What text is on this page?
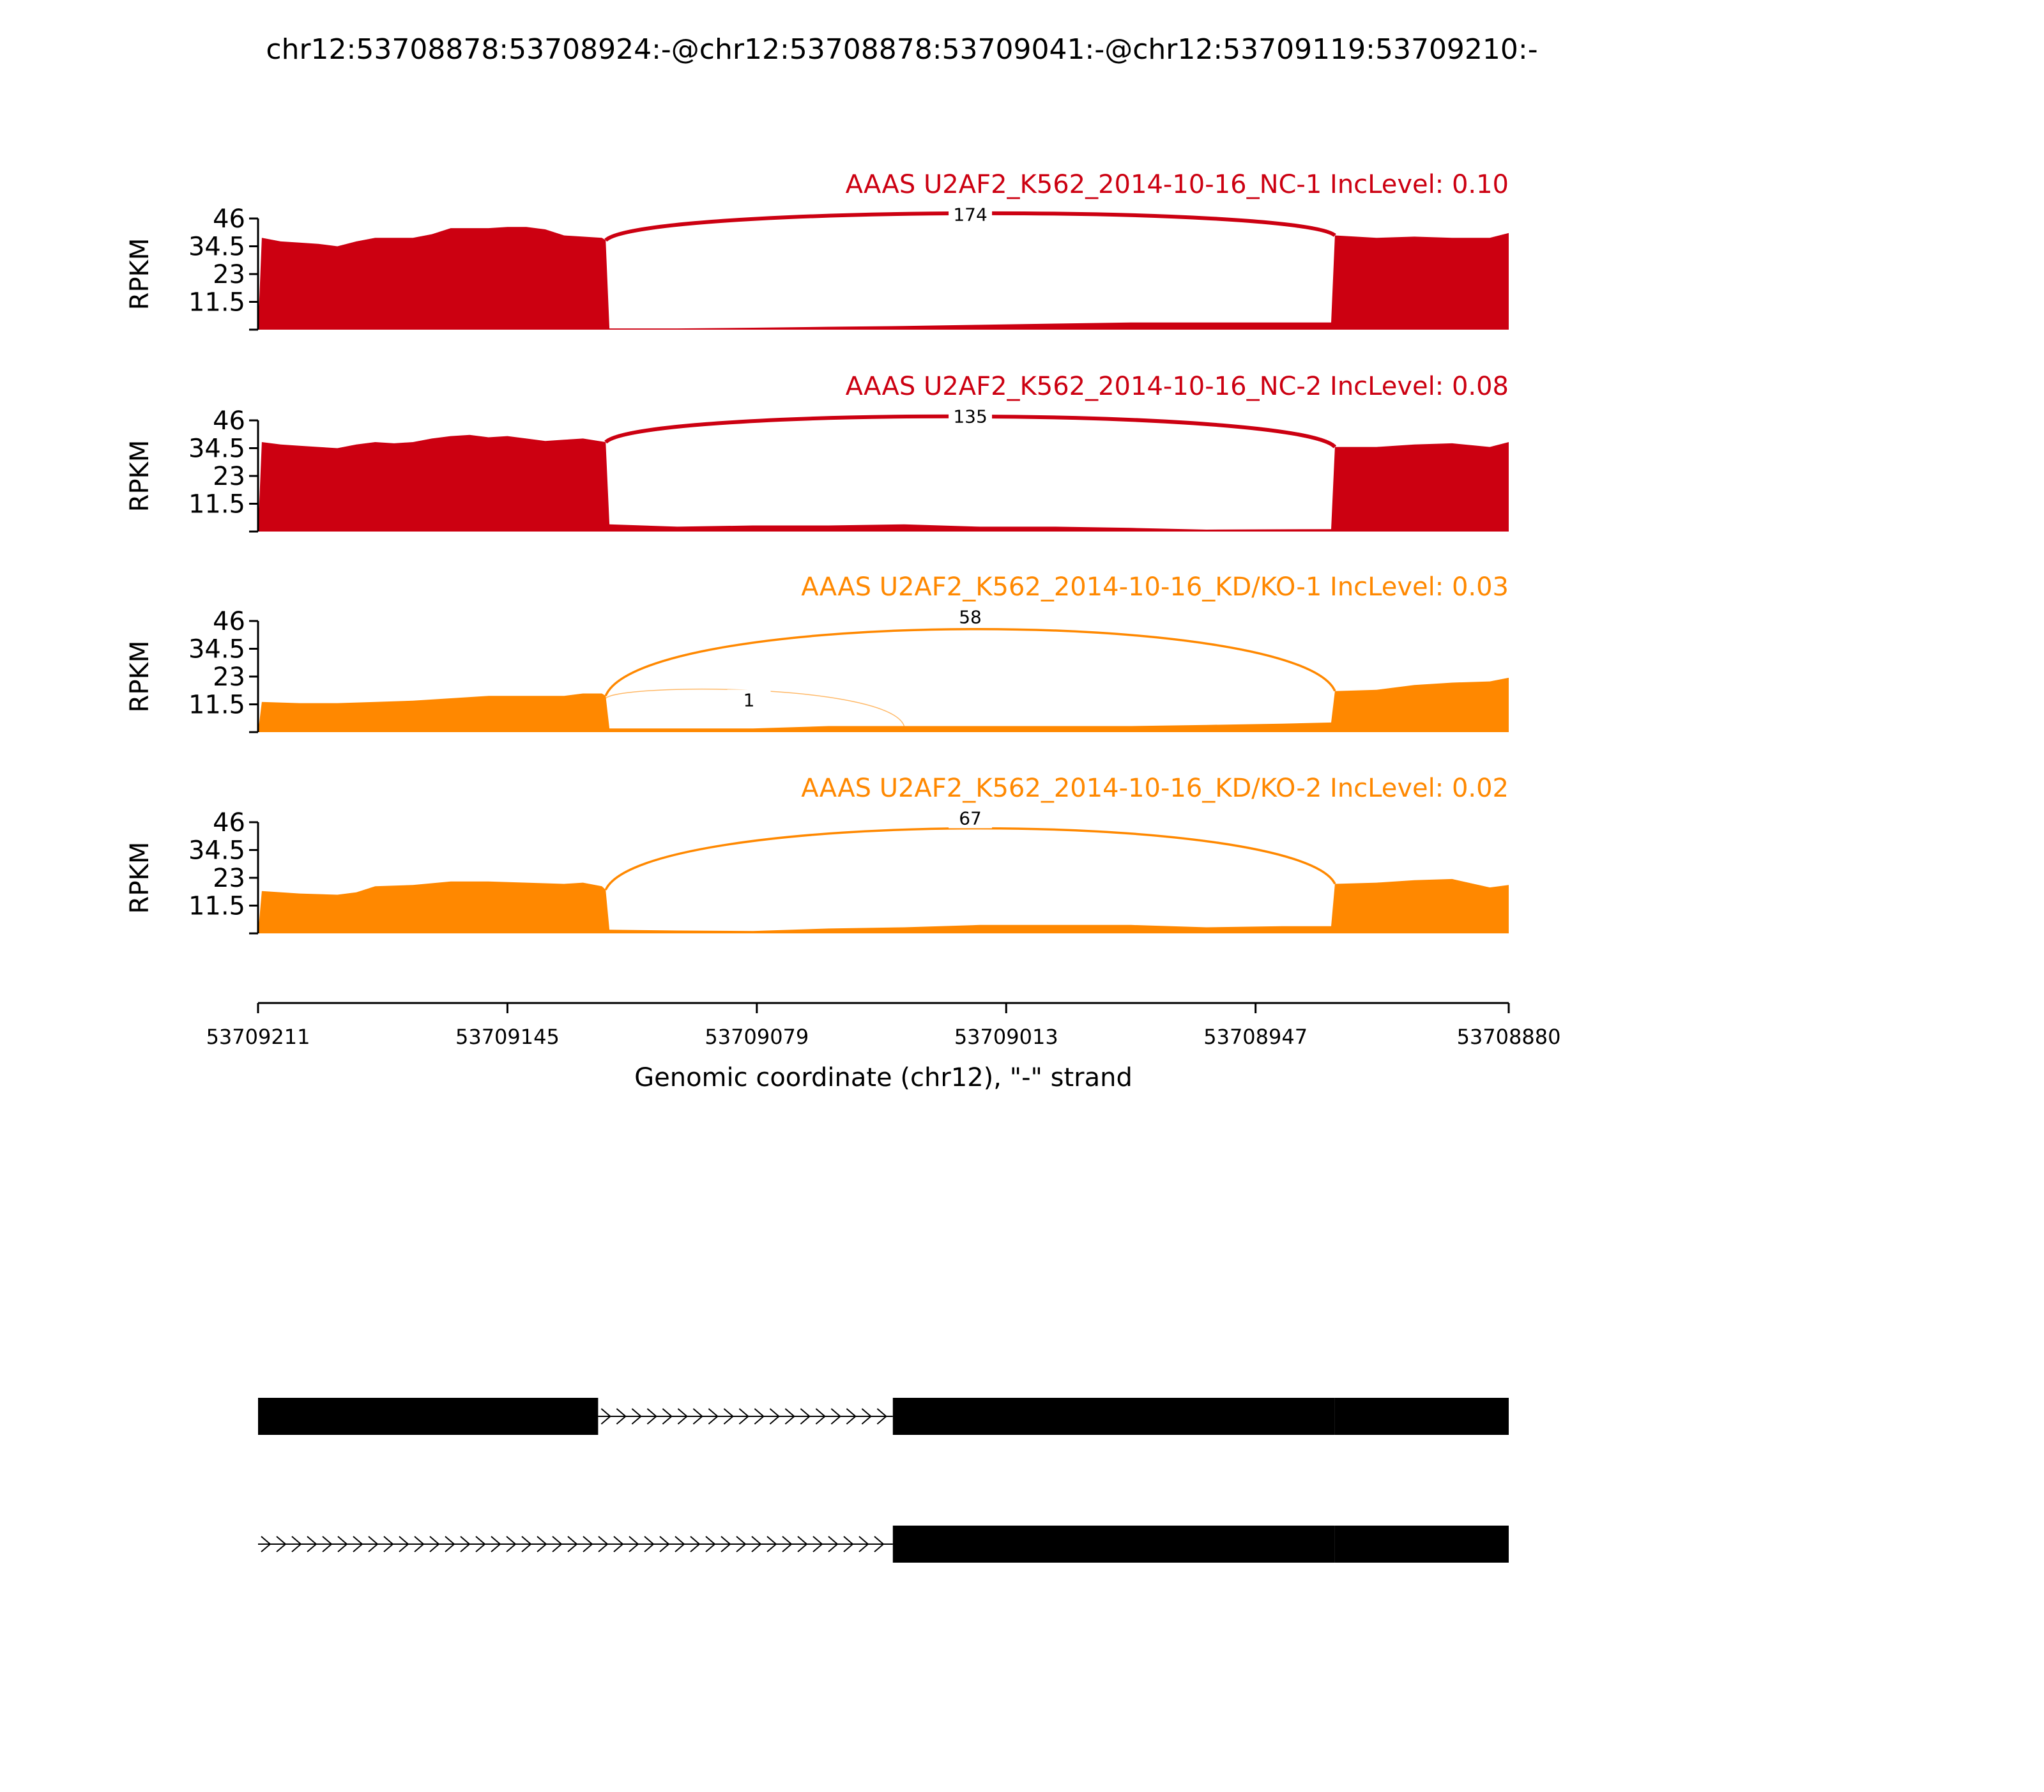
chr12:53708878:53708924:-@chr12:53708878:53709041:-@chr12:53709119:53709210:-
174
AAAS U2AF2_K562_2014-10-16_NC-1 IncLevel: 0.10
46
34.5
23
11.5
RPKM
135
AAAS U2AF2_K562_2014-10-16_NC-2 IncLevel: 0.08
46
34.5
23
11.5
RPKM
58
1
AAAS U2AF2_K562_2014-10-16_KD/KO-1 IncLevel: 0.03
46
34.5
23
11.5
RPKM
67
AAAS U2AF2_K562_2014-10-16_KD/KO-2 IncLevel: 0.02
46
34.5
23
11.5
RPKM
53709211	53709145	53709079	53709013	53708947	53708880
Genomic coordinate (chr12), "-" strand
